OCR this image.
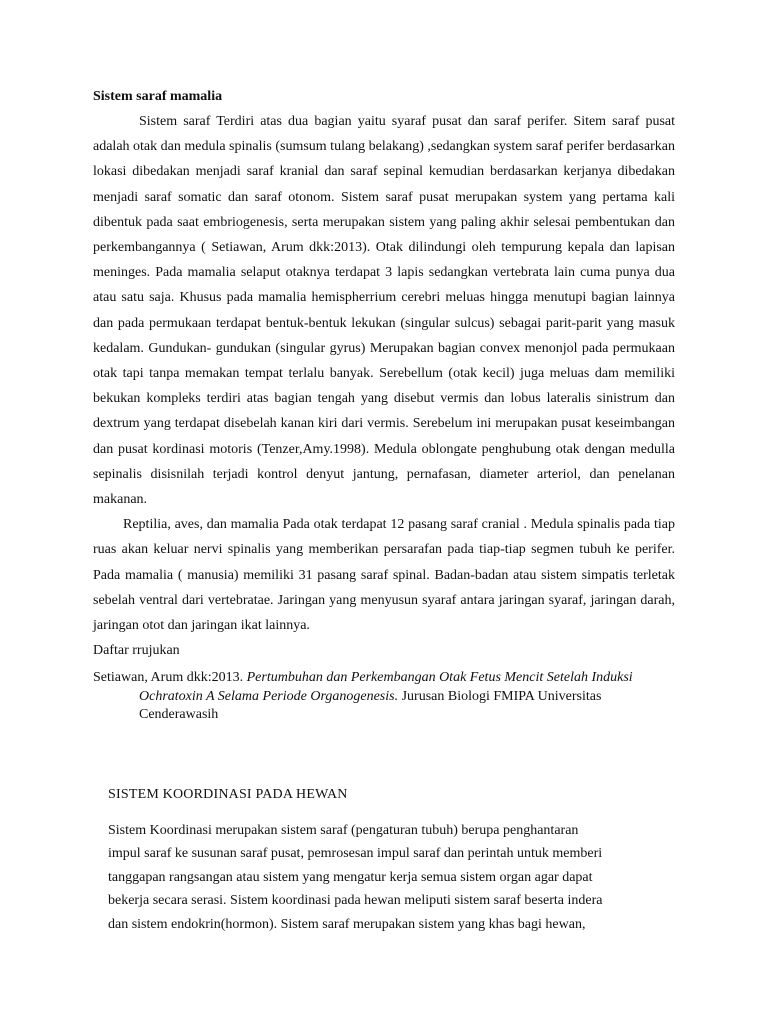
Sistem saraf mamalia

Sistem saraf Terdiri atas dua bagian yaitu syaraf pusat dan saraf perifer. Sitem saraf pusat adalah otak dan medula spinalis (sumsum tulang belakang) ,sedangkan system saraf perifer berdasarkan lokasi dibedakan menjadi saraf kranial dan saraf sepinal kemudian berdasarkan kerjanya dibedakan menjadi saraf somatic dan saraf otonom. Sistem saraf pusat merupakan system yang pertama kali dibentuk pada saat embriogenesis, serta merupakan sistem yang paling akhir selesai pembentukan dan perkembangannya ( Setiawan, Arum dkk:2013). Otak dilindungi oleh tempurung kepala dan lapisan meninges. Pada mamalia selaput otaknya terdapat 3 lapis sedangkan vertebrata lain cuma punya dua atau satu saja. Khusus pada mamalia hemispherrium cerebri meluas hingga menutupi bagian lainnya dan pada permukaan terdapat bentuk-bentuk lekukan (singular sulcus) sebagai parit-parit yang masuk kedalam. Gundukan- gundukan (singular gyrus) Merupakan bagian convex menonjol pada permukaan otak tapi tanpa memakan tempat terlalu banyak. Serebellum (otak kecil) juga meluas dam memiliki bekukan kompleks terdiri atas bagian tengah yang disebut vermis dan lobus lateralis sinistrum dan dextrum yang terdapat disebelah kanan kiri dari vermis. Serebelum ini merupakan pusat keseimbangan dan pusat kordinasi motoris (Tenzer,Amy.1998). Medula oblongate penghubung otak dengan medulla sepinalis disisnilah terjadi kontrol denyut jantung, pernafasan, diameter arteriol, dan penelanan makanan.

Reptilia, aves, dan mamalia Pada otak terdapat 12 pasang saraf cranial . Medula spinalis pada tiap ruas akan keluar nervi spinalis yang memberikan persarafan pada tiap-tiap segmen tubuh ke perifer. Pada mamalia ( manusia) memiliki 31 pasang saraf spinal. Badan-badan atau sistem simpatis terletak sebelah ventral dari vertebratae. Jaringan yang menyusun syaraf antara jaringan syaraf, jaringan darah, jaringan otot dan jaringan ikat lainnya.

Daftar rrujukan
Setiawan, Arum dkk:2013. Pertumbuhan dan Perkembangan Otak Fetus Mencit Setelah Induksi Ochratoxin A Selama Periode Organogenesis. Jurusan Biologi FMIPA Universitas Cenderawasih
SISTEM KOORDINASI PADA HEWAN
Sistem Koordinasi merupakan sistem saraf (pengaturan tubuh) berupa penghantaran
impul saraf ke susunan saraf pusat, pemrosesan impul saraf dan perintah untuk memberi
tanggapan rangsangan atau sistem yang mengatur kerja semua sistem organ agar dapat
bekerja secara serasi. Sistem koordinasi pada hewan meliputi sistem saraf beserta indera
dan sistem endokrin(hormon). Sistem saraf merupakan sistem yang khas bagi hewan,
